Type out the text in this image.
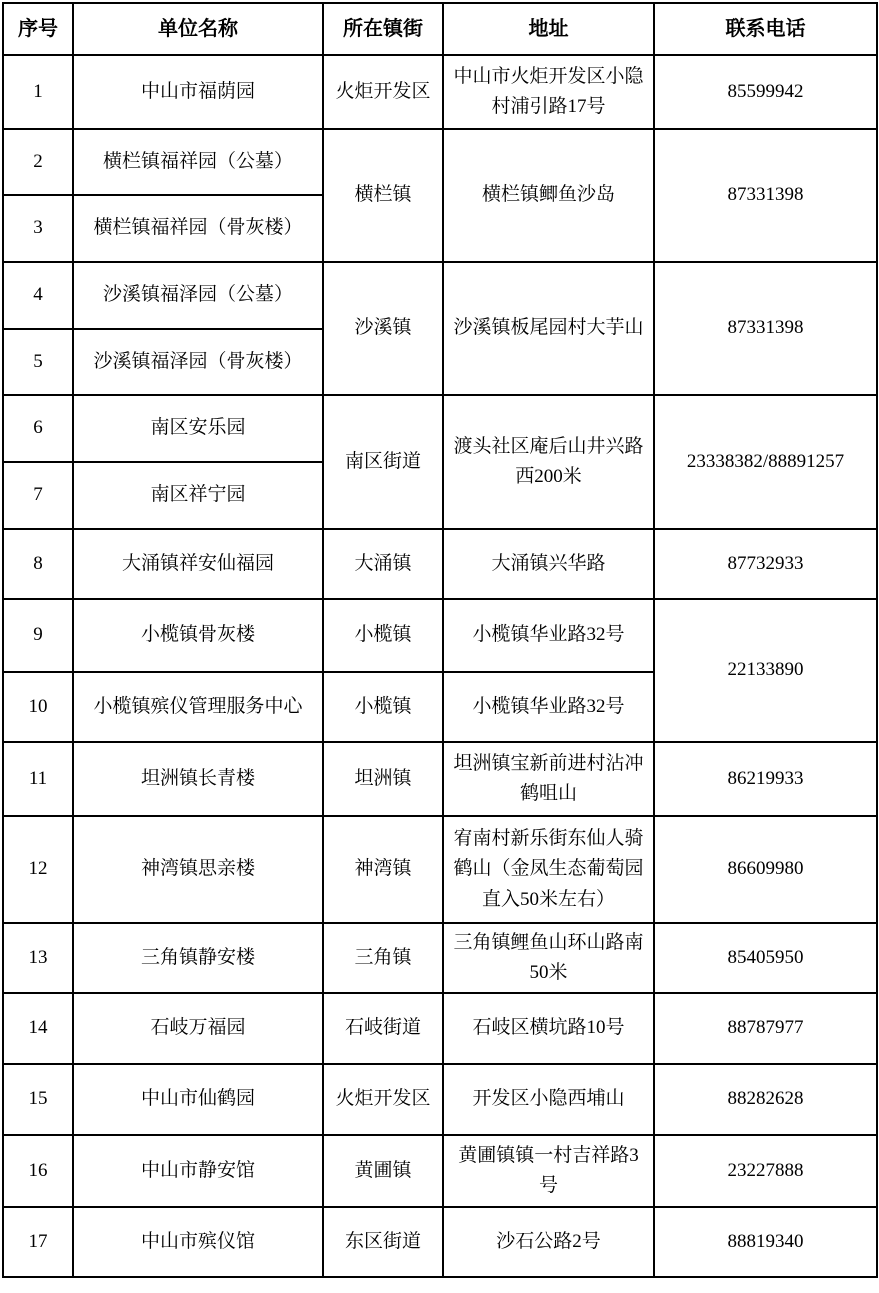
序号	单位名称	所在镇街	地址	联系电话
1	中山市福荫园	火炬开发区	中山市火炬开发区小隐村浦引路17号	85599942
2	横栏镇福祥园（公墓）	横栏镇	横栏镇鲫鱼沙岛	87331398
3	横栏镇福祥园（骨灰楼）			
4	沙溪镇福泽园（公墓）	沙溪镇	沙溪镇板尾园村大芋山	87331398
5	沙溪镇福泽园（骨灰楼）			
6	南区安乐园	南区街道	渡头社区庵后山井兴路西200米	23338382/88891257
7	南区祥宁园			
8	大涌镇祥安仙福园	大涌镇	大涌镇兴华路	87732933
9	小榄镇骨灰楼	小榄镇	小榄镇华业路32号	22133890
10	小榄镇殡仪管理服务中心	小榄镇	小榄镇华业路32号	
11	坦洲镇长青楼	坦洲镇	坦洲镇宝新前进村沾冲鹤咀山	86219933
12	神湾镇思亲楼	神湾镇	宥南村新乐街东仙人骑鹤山（金凤生态葡萄园直入50米左右）	86609980
13	三角镇静安楼	三角镇	三角镇鲤鱼山环山路南50米	85405950
14	石岐万福园	石岐街道	石岐区横坑路10号	88787977
15	中山市仙鹤园	火炬开发区	开发区小隐西埔山	88282628
16	中山市静安馆	黄圃镇	黄圃镇镇一村吉祥路3号	23227888
17	中山市殡仪馆	东区街道	沙石公路2号	88819340
